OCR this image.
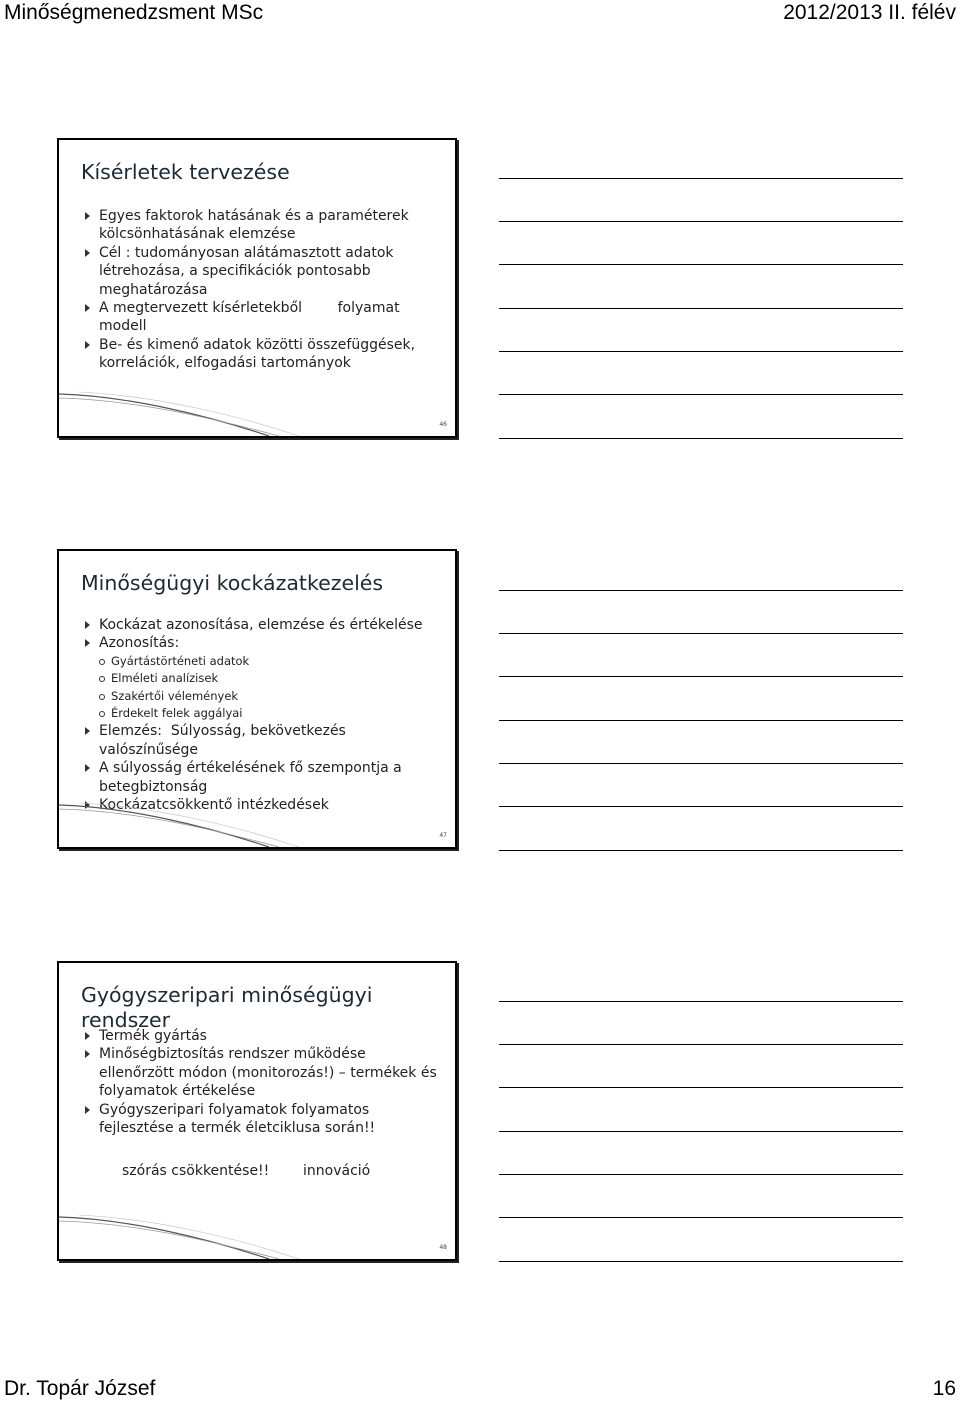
Minőségmenedzsment MSc	2012/2013 II. félév
Kísérletek tervezése
Egyes faktorok hatásának és a paraméterek kölcsönhatásának elemzése
Cél : tudományosan alátámasztott adatok létrehozása, a specifikációk pontosabb meghatározása
A megtervezett kísérletekből        folyamat modell
Be- és kimenő adatok közötti összefüggések, korrelációk, elfogadási tartományok
46
Minőségügyi kockázatkezelés
Kockázat azonosítása, elemzése és értékelése
Azonosítás:
Gyártástörténeti adatok
Elméleti analízisek
Szakértői vélemények
Érdekelt felek aggályai
Elemzés:  Súlyosság, bekövetkezés valószínűsége
A súlyosság értékelésének fő szempontja a betegbiztonság
Kockázatcsökkentő intézkedések
47
Gyógyszeripari minőségügyi rendszer
Termék gyártás
Minőségbiztosítás rendszer működése ellenőrzött módon (monitorozás!) – termékek és folyamatok értékelése
Gyógyszeripari folyamatok folyamatos fejlesztése a termék életciklusa során!!
szórás csökkentése!! innováció
48
Dr. Topár József	16
